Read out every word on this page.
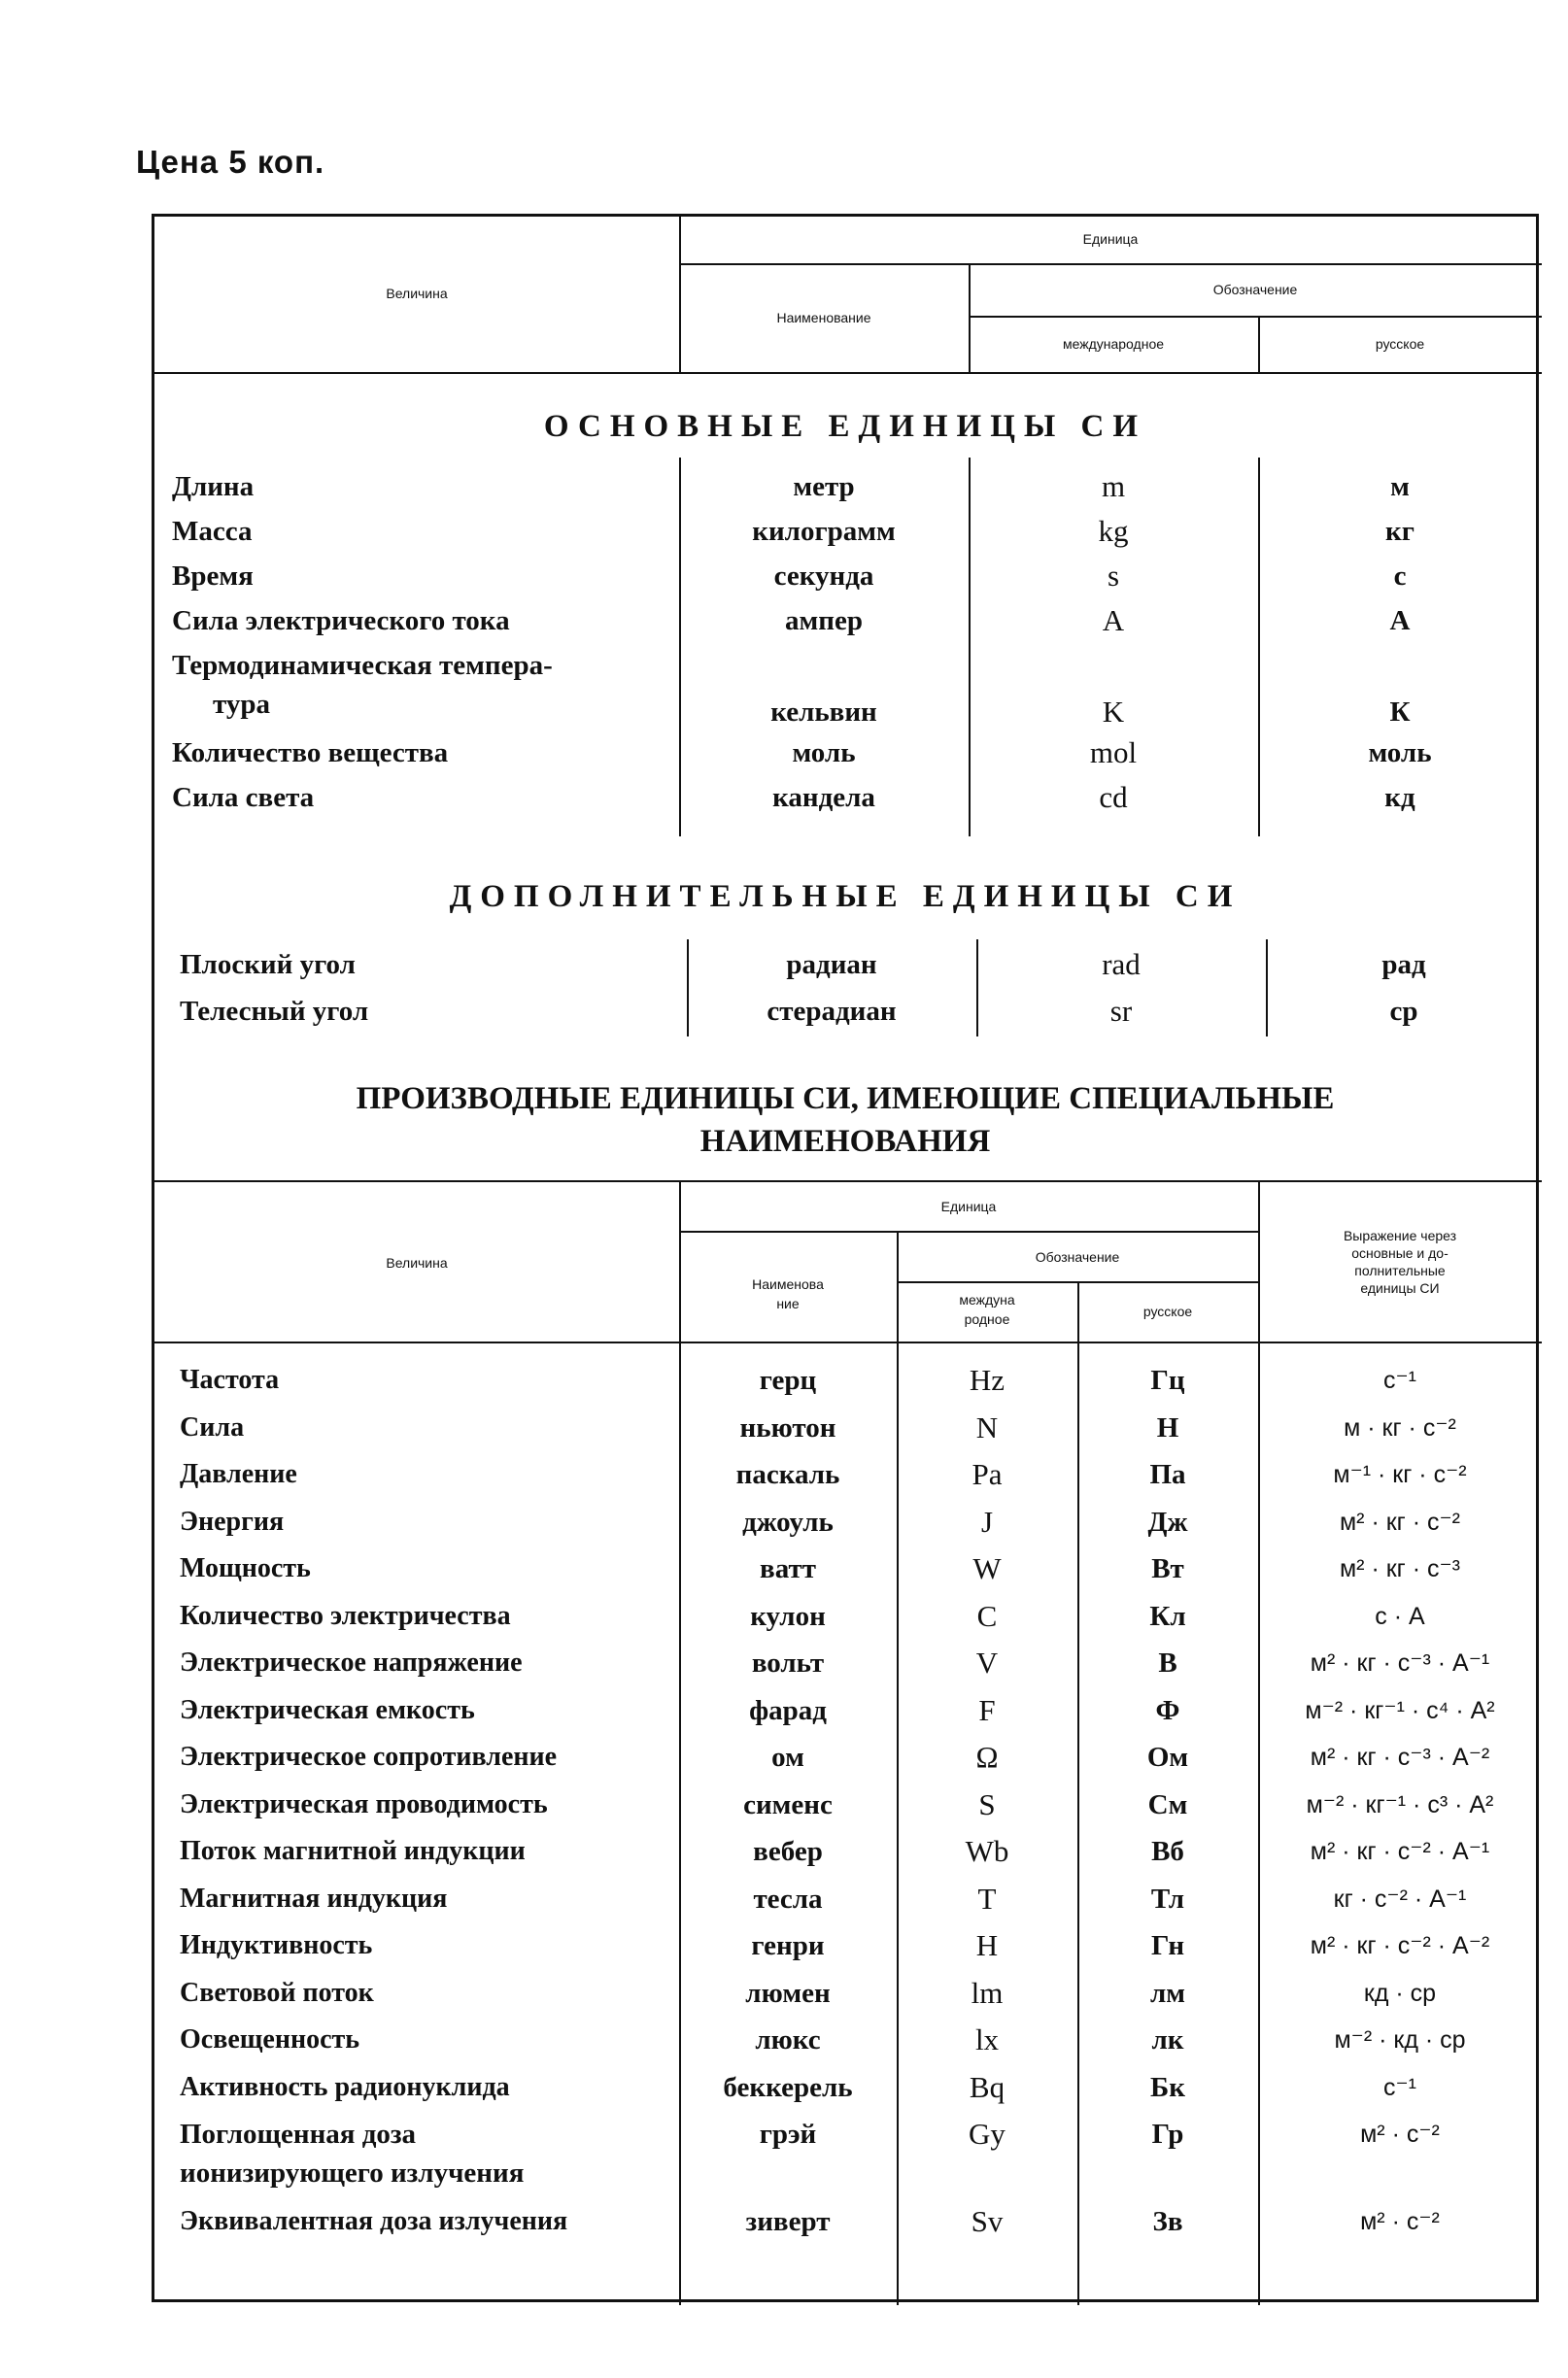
Цена 5 коп.
Величина
Единица
Наименование
Обозначение
международное	русское
ОСНОВНЫЕ ЕДИНИЦЫ СИ
Длина	метр	m	м
Масса	килограмм	kg	кг
Время	секунда	s	с
Сила электрического тока	ампер	A	А
Термодинамическая темпера-
тура	кельвин	K	К
Количество вещества	моль	mol	моль
Сила света	кандела	cd	кд
ДОПОЛНИТЕЛЬНЫЕ ЕДИНИЦЫ СИ
Плоский угол	радиан	rad	рад
Телесный угол	стерадиан	sr	ср
ПРОИЗВОДНЫЕ ЕДИНИЦЫ СИ, ИМЕЮЩИЕ СПЕЦИАЛЬНЫЕ
НАИМЕНОВАНИЯ
Величина
Единица
Наименова
ние
Обозначение
междуна
родное	русское
Выражение через
основные и до-
полнительные
единицы СИ
Частота	герц	Hz	Гц	с⁻¹
Сила	ньютон	N	Н	м · кг · с⁻²
Давление	паскаль	Pa	Па	м⁻¹ · кг · с⁻²
Энергия	джоуль	J	Дж	м² · кг · с⁻²
Мощность	ватт	W	Вт	м² · кг · с⁻³
Количество электричества	кулон	C	Кл	с · А
Электрическое напряжение	вольт	V	В	м² · кг · с⁻³ · А⁻¹
Электрическая емкость	фарад	F	Ф	м⁻² · кг⁻¹ · с⁴ · А²
Электрическое сопротивление	ом	Ω	Ом	м² · кг · с⁻³ · А⁻²
Электрическая проводимость	сименс	S	См	м⁻² · кг⁻¹ · с³ · А²
Поток магнитной индукции	вебер	Wb	Вб	м² · кг · с⁻² · А⁻¹
Магнитная индукция	тесла	T	Тл	кг · с⁻² · А⁻¹
Индуктивность	генри	H	Гн	м² · кг · с⁻² · А⁻²
Световой поток	люмен	lm	лм	кд · ср
Освещенность	люкс	lx	лк	м⁻² · кд · ср
Активность радионуклида	беккерель	Bq	Бк	с⁻¹
Поглощенная доза
ионизирующего излучения
грэй	Gy	Гр	м² · с⁻²
Эквивалентная доза излучения	зиверт	Sv	Зв	м² · с⁻²
